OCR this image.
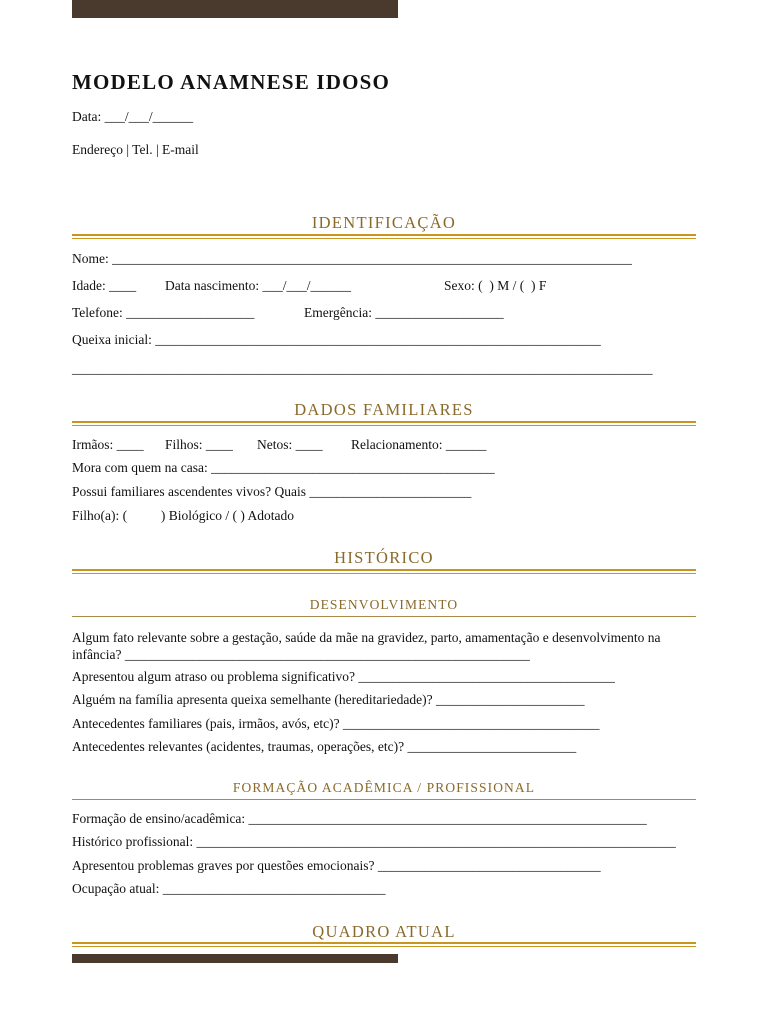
MODELO ANAMNESE IDOSO
Data: ___/___/______
Endereço | Tel. | E-mail
IDENTIFICAÇÃO
Nome: _____________________________________________________________________________
Idade: ____ Data nascimento: ___/___/______	Sexo: (  ) M / (  ) F
Telefone: ___________________	Emergência: ___________________
Queixa inicial: __________________________________________________________________
______________________________________________________________________________________
DADOS FAMILIARES
Irmãos: ____ Filhos: ____ Netos: ____ Relacionamento: ______
Mora com quem na casa: __________________________________________
Possui familiares ascendentes vivos? Quais ________________________
Filho(a): (          ) Biológico / ( ) Adotado
HISTÓRICO
DESENVOLVIMENTO
Algum fato relevante sobre a gestação, saúde da mãe na gravidez, parto, amamentação e desenvolvimento na infância? ____________________________________________________________
Apresentou algum atraso ou problema significativo? ______________________________________
Alguém na família apresenta queixa semelhante (hereditariedade)? ______________________
Antecedentes familiares (pais, irmãos, avós, etc)? ______________________________________
Antecedentes relevantes (acidentes, traumas, operações, etc)? _________________________
FORMAÇÃO ACADÊMICA / PROFISSIONAL
Formação de ensino/acadêmica: ___________________________________________________________
Histórico profissional: _______________________________________________________________________
Apresentou problemas graves por questões emocionais? _________________________________
Ocupação atual: _________________________________
QUADRO ATUAL
